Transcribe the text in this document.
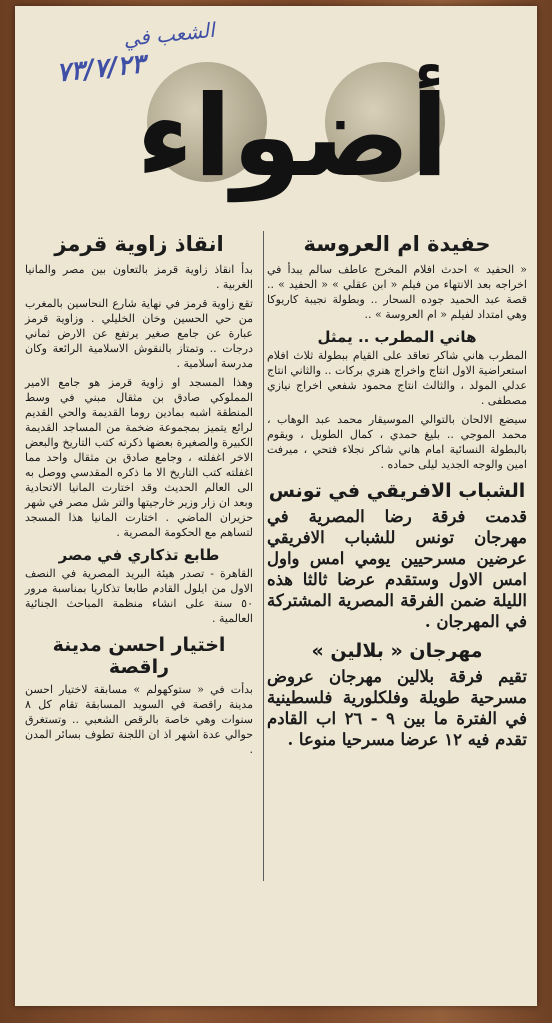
الشعب في
٧٣/٧/٢٣
أضواء
حفيدة ام العروسة

« الحفيد » احدث افلام المخرج عاطف سالم يبدأ في اخراجه بعد الانتهاء من فيلم « ابن عقلي » « الحفيد » .. قصة عبد الحميد جوده السحار .. وبطولة نجيبة كاريوكا وهي امتداد لفيلم « ام العروسة » ..

هاني المطرب .. يمثل

المطرب هاني شاكر تعاقد على القيام ببطولة ثلاث افلام استعراضية الاول انتاج واخراج هنري بركات .. والثاني انتاج عدلي المولد ، والثالث انتاج محمود شفعي اخراج نيازي مصطفى .

سيضع الالحان بالتوالي الموسيقار محمد عبد الوهاب ، محمد الموجي .. بليغ حمدي ، كمال الطويل ، ويقوم بالبطولة النسائية امام هاني شاكر نجلاء فتحي ، ميرفت امين والوجه الجديد ليلى حماده .

الشباب الافريقي في تونس

قدمت فرقة رضا المصرية في مهرجان تونس للشباب الافريقي عرضين مسرحيين يومي امس واول امس الاول وستقدم عرضا ثالثا هذه الليلة ضمن الفرقة المصرية المشتركة في المهرجان .

مهرجان « بلالين »

تقيم فرقة بلالين مهرجان عروض مسرحية طويلة وفلكلورية فلسطينية في الفترة ما بين ٩ - ٢٦ اب القادم تقدم فيه ١٢ عرضا مسرحيا منوعا .

انقاذ زاوية قرمز

بدأ انقاذ زاوية قرمز بالتعاون بين مصر والمانيا الغربية .

تقع زاوية قرمز في نهاية شارع النحاسين بالمغرب من حي الحسين وخان الخليلي . وزاوية قرمز عبارة عن جامع صغير يرتفع عن الارض ثماني درجات .. وتمتاز بالنقوش الاسلامية الرائعة وكان مدرسة اسلامية .

وهذا المسجد او زاوية قرمز هو جامع الامير المملوكي صادق بن مثقال مبني في وسط المنطقة اشبه بمادين روما القديمة والحي القديم لرائع يتميز بمجموعة ضخمة من المساجد القديمة الكبيرة والصغيرة بعضها ذكرته كتب التاريخ والبعض الاخر اغفلته ، وجامع صادق بن مثقال واحد مما اغفلته كتب التاريخ الا ما ذكره المقدسي ووصل به الى العالم الحديث وقد اختارت المانيا الاتحادية وبعد ان زار وزير خارجيتها والتر شل مصر في شهر حزيران الماضي . اختارت المانيا هذا المسجد لتساهم مع الحكومة المصرية .

طابع تذكاري في مصر

القاهرة - تصدر هيئة البريد المصرية في النصف الاول من ايلول القادم طابعا تذكاريا بمناسبة مرور ٥٠ سنة على انشاء منظمة المباحث الجنائية العالمية .

اختيار احسن مدينة راقصة

بدأت في « ستوكهولم » مسابقة لاختيار احسن مدينة راقصة في السويد المسابقة تقام كل ٨ سنوات وهي خاصة بالرقص الشعبي .. وتستغرق حوالي عدة اشهر اذ ان اللجنة تطوف بسائر المدن .
